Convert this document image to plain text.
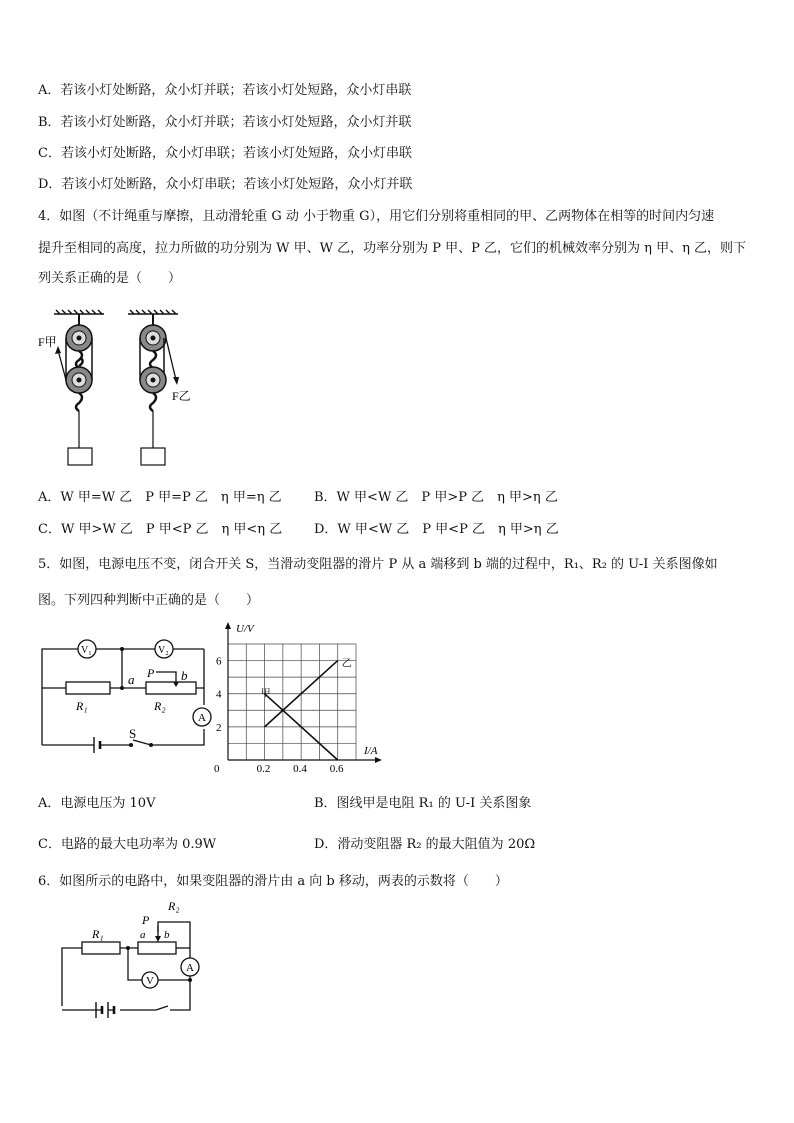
A．若该小灯处断路，众小灯并联；若该小灯处短路，众小灯串联
B．若该小灯处断路，众小灯并联；若该小灯处短路，众小灯并联
C．若该小灯处断路，众小灯串联；若该小灯处短路，众小灯串联
D．若该小灯处断路，众小灯串联；若该小灯处短路，众小灯并联
4．如图（不计绳重与摩擦，且动滑轮重 G 动 小于物重 G），用它们分别将重相同的甲、乙两物体在相等的时间内匀速
提升至相同的高度，拉力所做的功分别为 W 甲、W 乙，功率分别为 P 甲、P 乙，它们的机械效率分别为 η 甲、η 乙，则下
列关系正确的是（　　）
F甲
F乙
A．W 甲=W 乙　P 甲=P 乙　η 甲=η 乙 B．W 甲<W 乙　P 甲>P 乙　η 甲>η 乙
C．W 甲>W 乙　P 甲<P 乙　η 甲<η 乙 D．W 甲<W 乙　P 甲<P 乙　η 甲>η 乙
5．如图，电源电压不变，闭合开关 S，当滑动变阻器的滑片 P 从 a 端移到 b 端的过程中，R₁、R₂ 的 U-I 关系图像如
图。下列四种判断中正确的是（　　）
V₁	V₂
A
R₁	R₂
a	b
P
S
0.2 0.4 0.6
2
4
6
0
U/V
I/A
甲
乙
A．电源电压为 10V	B．图线甲是电阻 R₁ 的 U-I 关系图象
C．电路的最大电功率为 0.9W	D．滑动变阻器 R₂ 的最大阻值为 20Ω
6．如图所示的电路中，如果变阻器的滑片由 a 向 b 移动，两表的示数将（　　）
A
V
R₁
R₂
P
a b
